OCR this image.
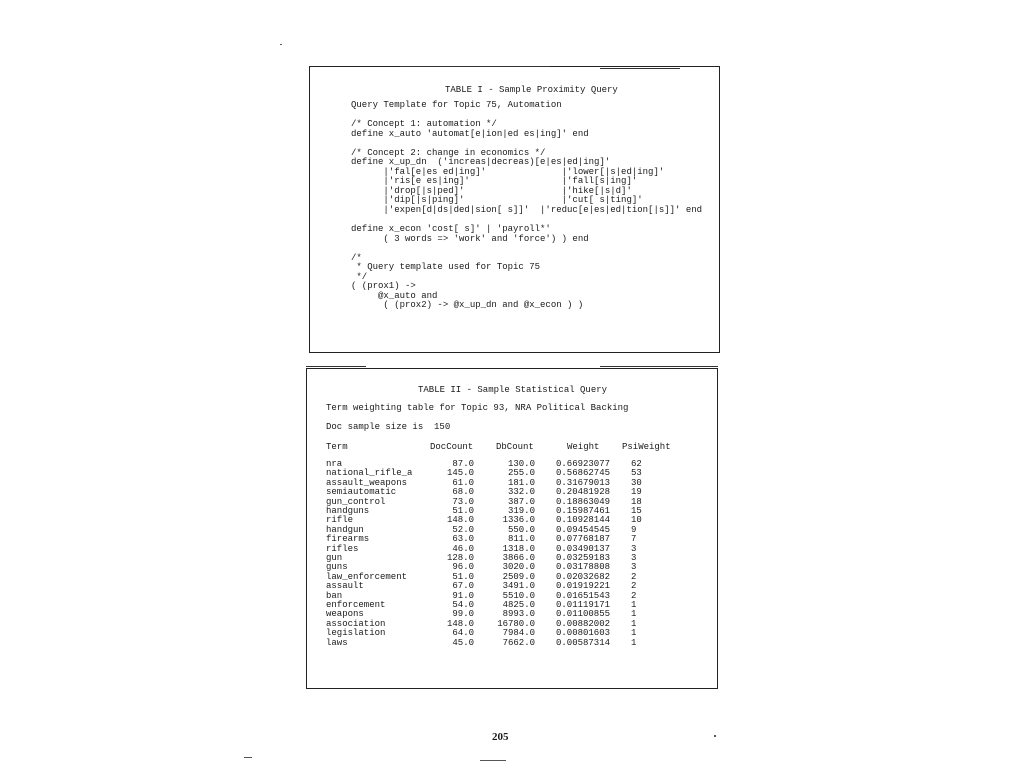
TABLE I - Sample Proximity Query
Query Template for Topic 75, Automation

/* Concept 1: automation */
define x_auto 'automat[e|ion|ed es|ing]' end

/* Concept 2: change in economics */
define x_up_dn  ('increas|decreas)[e|es|ed|ing]'
|'fal[e|es ed|ing]'              |'lower[|s|ed|ing]'
|'ris[e es|ing]'                 |'fall[s|ing]'
|'drop[|s|ped]'                  |'hike[|s|d]'
|'dip[|s|ping]'                  |'cut[ s|ting]'
|'expen[d|ds|ded|sion[ s]]'  |'reduc[e|es|ed|tion[|s]]' end

define x_econ 'cost[ s]' | 'payroll*'
( 3 words => 'work' and 'force') ) end

/*
* Query template used for Topic 75
*/
( (prox1) ->
@x_auto and
( (prox2) -> @x_up_dn and @x_econ ) )
TABLE II - Sample Statistical Query
Term weighting table for Topic 93, NRA Political Backing
Doc sample size is  150
Term	DocCount	DbCount	Weight	PsiWeight
nra	87.0	130.0 0.66923077 62
national_rifle_a	145.0	255.0 0.56862745 53
assault_weapons	61.0	181.0 0.31679013 30
semiautomatic	68.0	332.0 0.20481928 19
gun_control	73.0	387.0 0.18863049 18
handguns	51.0	319.0 0.15987461 15
rifle	148.0	1336.0 0.10928144 10
handgun	52.0	550.0 0.09454545 9
firearms	63.0	811.0 0.07768187 7
rifles	46.0	1318.0 0.03490137 3
gun	128.0	3866.0 0.03259183 3
guns	96.0	3020.0 0.03178808 3
law_enforcement	51.0	2509.0 0.02032682 2
assault	67.0	3491.0 0.01919221 2
ban	91.0	5510.0 0.01651543 2
enforcement	54.0	4825.0 0.01119171 1
weapons	99.0	8993.0 0.01100855 1
association	148.0	16780.0 0.00882002 1
legislation	64.0	7984.0 0.00801603 1
laws	45.0	7662.0 0.00587314 1
205
